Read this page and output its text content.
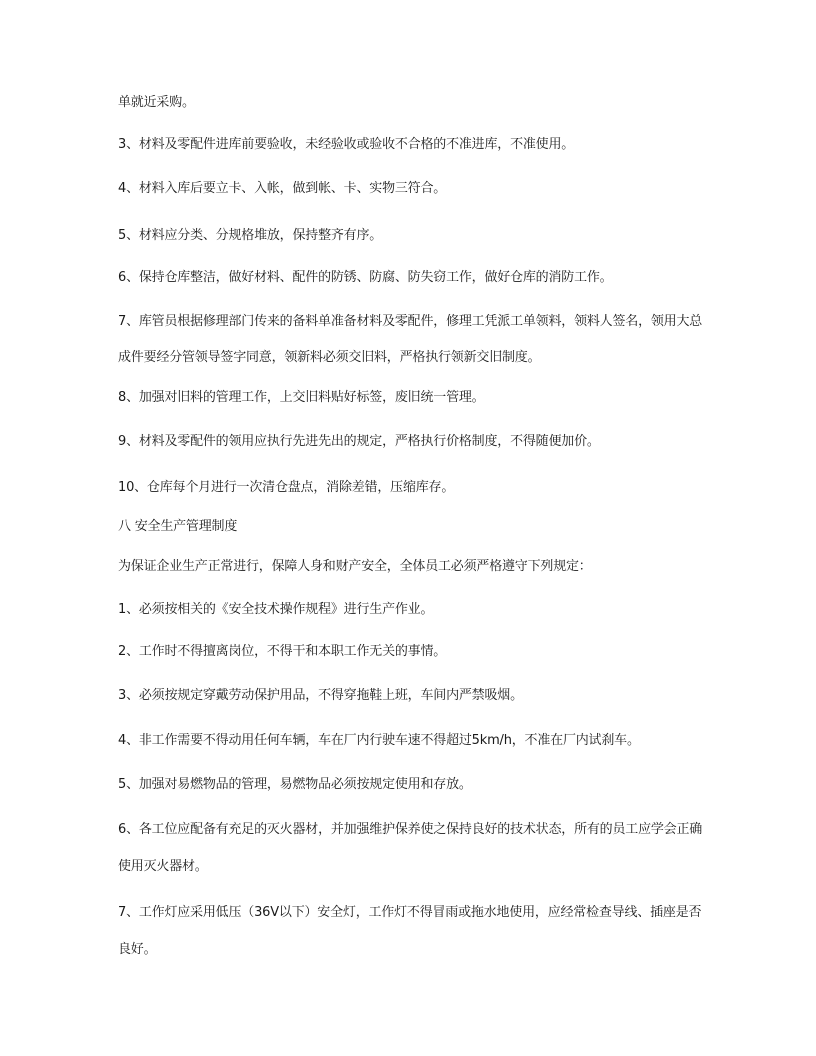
单就近采购。
3、材料及零配件进库前要验收，未经验收或验收不合格的不准进库，不准使用。
4、材料入库后要立卡、入帐，做到帐、卡、实物三符合。
5、材料应分类、分规格堆放，保持整齐有序。
6、保持仓库整洁，做好材料、配件的防锈、防腐、防失窃工作，做好仓库的消防工作。
7、库管员根据修理部门传来的备料单准备材料及零配件，修理工凭派工单领料，领料人签名，领用大总
成件要经分管领导签字同意，领新料必须交旧料，严格执行领新交旧制度。
8、加强对旧料的管理工作，上交旧料贴好标签，废旧统一管理。
9、材料及零配件的领用应执行先进先出的规定，严格执行价格制度，不得随便加价。
10、仓库每个月进行一次清仓盘点，消除差错，压缩库存。
八 安全生产管理制度
为保证企业生产正常进行，保障人身和财产安全，全体员工必须严格遵守下列规定：
1、必须按相关的《安全技术操作规程》进行生产作业。
2、工作时不得擅离岗位，不得干和本职工作无关的事情。
3、必须按规定穿戴劳动保护用品，不得穿拖鞋上班，车间内严禁吸烟。
4、非工作需要不得动用任何车辆，车在厂内行驶车速不得超过5km/h，不准在厂内试刹车。
5、加强对易燃物品的管理，易燃物品必须按规定使用和存放。
6、各工位应配备有充足的灭火器材，并加强维护保养使之保持良好的技术状态，所有的员工应学会正确
使用灭火器材。
7、工作灯应采用低压（36V以下）安全灯，工作灯不得冒雨或拖水地使用，应经常检查导线、插座是否
良好。
